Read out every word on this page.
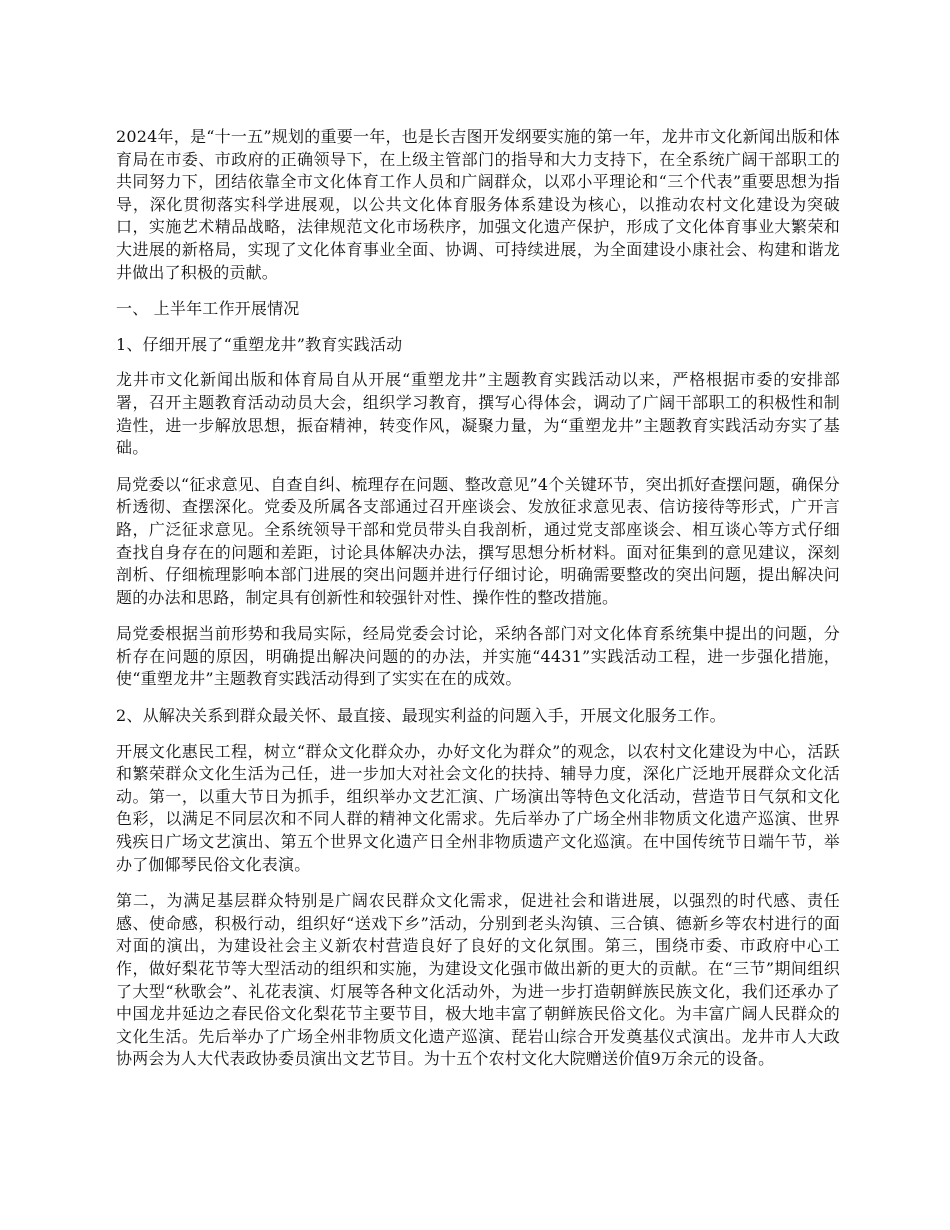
2024年，是“十一五”规划的重要一年，也是长吉图开发纲要实施的第一年，龙井市文化新闻出版和体育局在市委、市政府的正确领导下，在上级主管部门的指导和大力支持下，在全系统广阔干部职工的共同努力下，团结依靠全市文化体育工作人员和广阔群众，以邓小平理论和“三个代表”重要思想为指导，深化贯彻落实科学进展观，以公共文化体育服务体系建设为核心，以推动农村文化建设为突破口，实施艺术精品战略，法律规范文化市场秩序，加强文化遗产保护，形成了文化体育事业大繁荣和大进展的新格局，实现了文化体育事业全面、协调、可持续进展，为全面建设小康社会、构建和谐龙井做出了积极的贡献。

一、 上半年工作开展情况

1、仔细开展了“重塑龙井”教育实践活动

龙井市文化新闻出版和体育局自从开展“重塑龙井”主题教育实践活动以来，严格根据市委的安排部署，召开主题教育活动动员大会，组织学习教育，撰写心得体会，调动了广阔干部职工的积极性和制造性，进一步解放思想，振奋精神，转变作风，凝聚力量，为“重塑龙井”主题教育实践活动夯实了基础。

局党委以“征求意见、自查自纠、梳理存在问题、整改意见”4个关键环节，突出抓好查摆问题，确保分析透彻、查摆深化。党委及所属各支部通过召开座谈会、发放征求意见表、信访接待等形式，广开言路，广泛征求意见。全系统领导干部和党员带头自我剖析，通过党支部座谈会、相互谈心等方式仔细查找自身存在的问题和差距，讨论具体解决办法，撰写思想分析材料。面对征集到的意见建议，深刻剖析、仔细梳理影响本部门进展的突出问题并进行仔细讨论，明确需要整改的突出问题，提出解决问题的办法和思路，制定具有创新性和较强针对性、操作性的整改措施。

局党委根据当前形势和我局实际，经局党委会讨论，采纳各部门对文化体育系统集中提出的问题，分析存在问题的原因，明确提出解决问题的的办法，并实施“4431”实践活动工程，进一步强化措施，使“重塑龙井”主题教育实践活动得到了实实在在的成效。

2、从解决关系到群众最关怀、最直接、最现实利益的问题入手，开展文化服务工作。

开展文化惠民工程，树立“群众文化群众办，办好文化为群众”的观念，以农村文化建设为中心，活跃和繁荣群众文化生活为己任，进一步加大对社会文化的扶持、辅导力度，深化广泛地开展群众文化活动。第一，以重大节日为抓手，组织举办文艺汇演、广场演出等特色文化活动，营造节日气氛和文化色彩，以满足不同层次和不同人群的精神文化需求。先后举办了广场全州非物质文化遗产巡演、世界残疾日广场文艺演出、第五个世界文化遗产日全州非物质遗产文化巡演。在中国传统节日端午节，举办了伽倻琴民俗文化表演。

第二，为满足基层群众特别是广阔农民群众文化需求，促进社会和谐进展，以强烈的时代感、责任感、使命感，积极行动，组织好“送戏下乡”活动，分别到老头沟镇、三合镇、德新乡等农村进行的面对面的演出，为建设社会主义新农村营造良好了良好的文化氛围。第三，围绕市委、市政府中心工作，做好梨花节等大型活动的组织和实施，为建设文化强市做出新的更大的贡献。在“三节”期间组织了大型“秋歌会”、礼花表演、灯展等各种文化活动外，为进一步打造朝鲜族民族文化，我们还承办了中国龙井延边之春民俗文化梨花节主要节目，极大地丰富了朝鲜族民俗文化。为丰富广阔人民群众的文化生活。先后举办了广场全州非物质文化遗产巡演、琵岩山综合开发奠基仪式演出。龙井市人大政协两会为人大代表政协委员演出文艺节目。为十五个农村文化大院赠送价值9万余元的设备。
